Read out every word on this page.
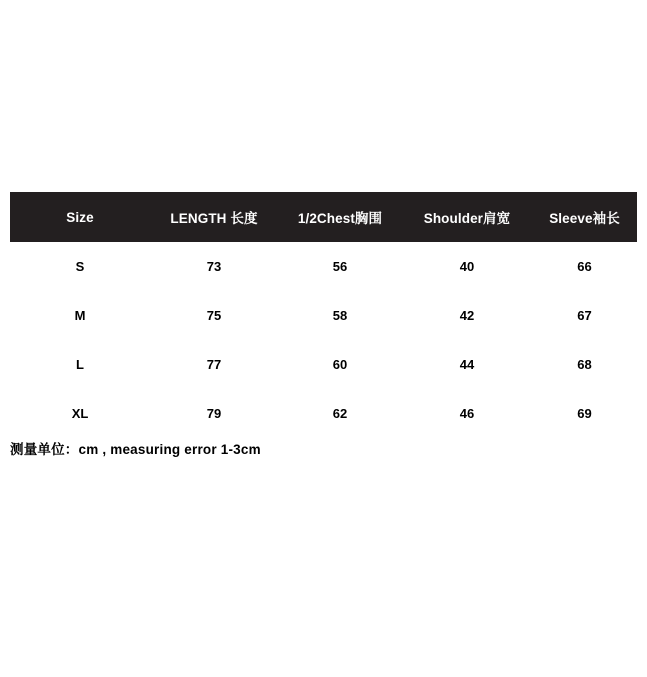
Size	LENGTH 长度	1/2Chest胸围	Shoulder肩宽	Sleeve袖长
S	73	56	40	66
M	75	58	42	67
L	77	60	44	68
XL	79	62	46	69
测量单位：cm , measuring error 1-3cm
